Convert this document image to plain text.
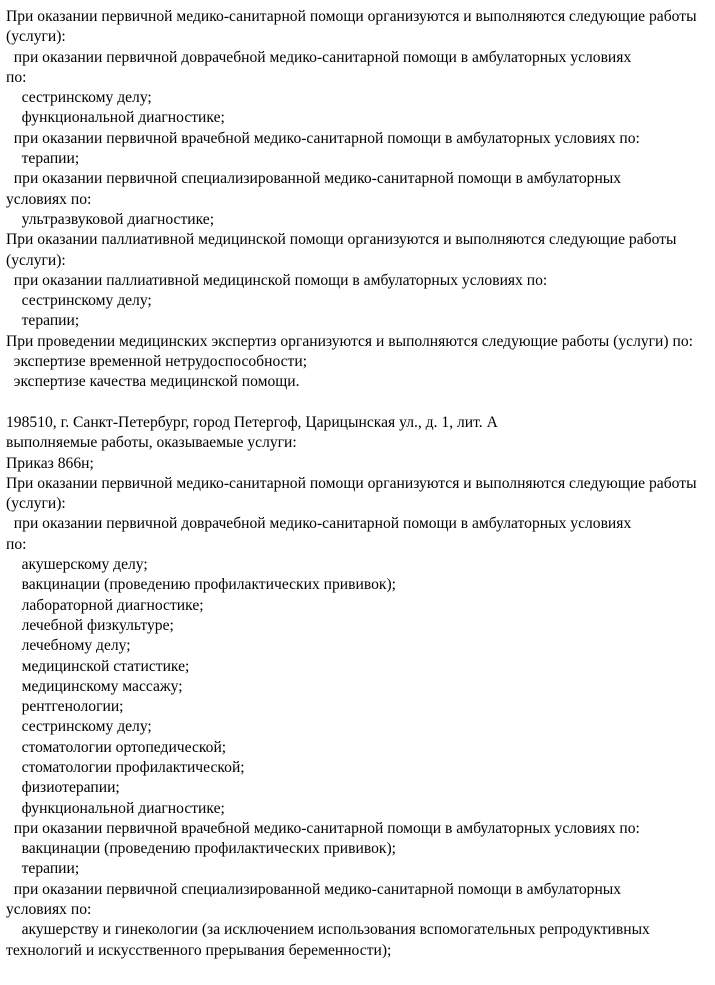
При оказании первичной медико-санитарной помощи организуются и выполняются следующие работы (услуги):
при оказании первичной доврачебной медико-санитарной помощи в амбулаторных условиях
по:
сестринскому делу;
функциональной диагностике;
при оказании первичной врачебной медико-санитарной помощи в амбулаторных условиях по:
терапии;
при оказании первичной специализированной медико-санитарной помощи в амбулаторных
условиях по:
ультразвуковой диагностике;
При оказании паллиативной медицинской помощи организуются и выполняются следующие работы (услуги):
при оказании паллиативной медицинской помощи в амбулаторных условиях по:
сестринскому делу;
терапии;
При проведении медицинских экспертиз организуются и выполняются следующие работы (услуги) по:
экспертизе временной нетрудоспособности;
экспертизе качества медицинской помощи.
198510, г. Санкт-Петербург, город Петергоф, Царицынская ул., д. 1, лит. А
выполняемые работы, оказываемые услуги:
Приказ 866н;
При оказании первичной медико-санитарной помощи организуются и выполняются следующие работы (услуги):
при оказании первичной доврачебной медико-санитарной помощи в амбулаторных условиях
по:
акушерскому делу;
вакцинации (проведению профилактических прививок);
лабораторной диагностике;
лечебной физкультуре;
лечебному делу;
медицинской статистике;
медицинскому массажу;
рентгенологии;
сестринскому делу;
стоматологии ортопедической;
стоматологии профилактической;
физиотерапии;
функциональной диагностике;
при оказании первичной врачебной медико-санитарной помощи в амбулаторных условиях по:
вакцинации (проведению профилактических прививок);
терапии;
при оказании первичной специализированной медико-санитарной помощи в амбулаторных
условиях по:
акушерству и гинекологии (за исключением использования вспомогательных репродуктивных
технологий и искусственного прерывания беременности);
